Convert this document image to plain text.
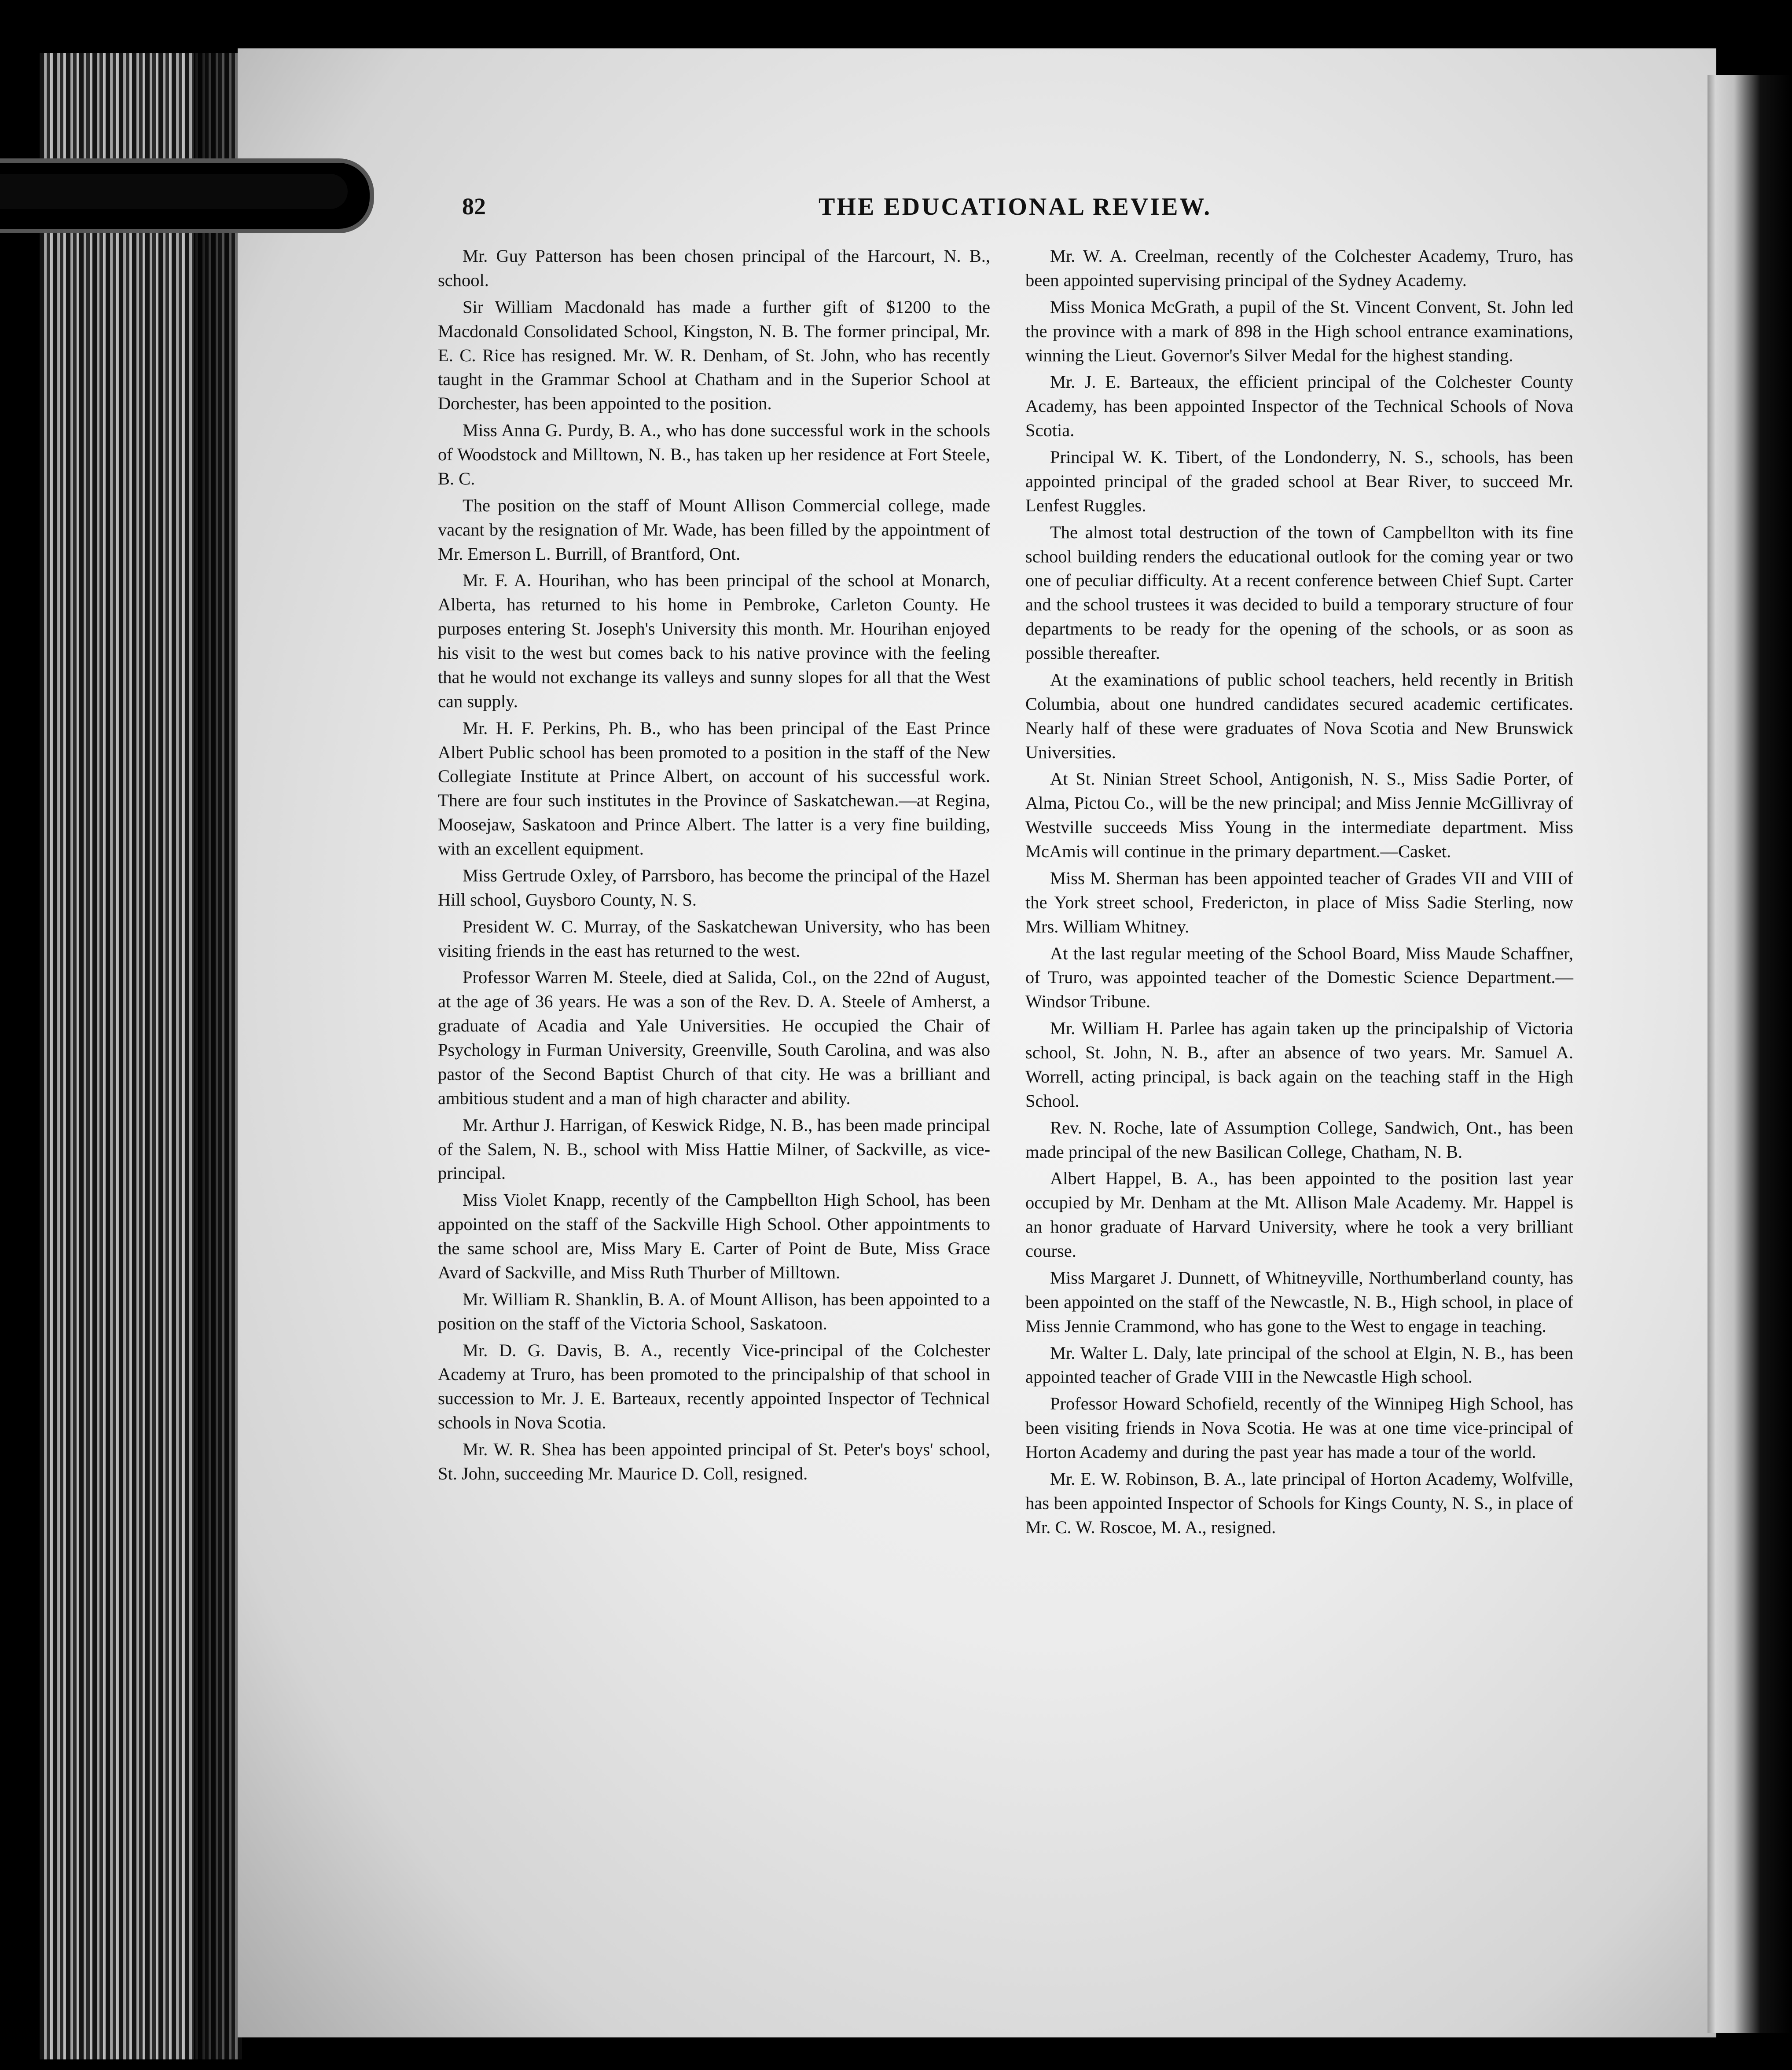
82	THE EDUCATIONAL REVIEW.

Mr. Guy Patterson has been chosen principal of the Harcourt, N. B., school.

Sir William Macdonald has made a further gift of $1200 to the Macdonald Consolidated School, Kingston, N. B. The former principal, Mr. E. C. Rice has resigned. Mr. W. R. Denham, of St. John, who has recently taught in the Grammar School at Chatham and in the Superior School at Dorchester, has been appointed to the position.

Miss Anna G. Purdy, B. A., who has done successful work in the schools of Woodstock and Milltown, N. B., has taken up her residence at Fort Steele, B. C.

The position on the staff of Mount Allison Commercial college, made vacant by the resignation of Mr. Wade, has been filled by the appointment of Mr. Emerson L. Burrill, of Brantford, Ont.

Mr. F. A. Hourihan, who has been principal of the school at Monarch, Alberta, has returned to his home in Pembroke, Carleton County. He purposes entering St. Joseph's University this month. Mr. Hourihan enjoyed his visit to the west but comes back to his native province with the feeling that he would not exchange its valleys and sunny slopes for all that the West can supply.

Mr. H. F. Perkins, Ph. B., who has been principal of the East Prince Albert Public school has been promoted to a position in the staff of the New Collegiate Institute at Prince Albert, on account of his successful work. There are four such institutes in the Province of Saskatchewan.—at Regina, Moosejaw, Saskatoon and Prince Albert. The latter is a very fine building, with an excellent equipment.

Miss Gertrude Oxley, of Parrsboro, has become the principal of the Hazel Hill school, Guysboro County, N. S.

President W. C. Murray, of the Saskatchewan University, who has been visiting friends in the east has returned to the west.

Professor Warren M. Steele, died at Salida, Col., on the 22nd of August, at the age of 36 years. He was a son of the Rev. D. A. Steele of Amherst, a graduate of Acadia and Yale Universities. He occupied the Chair of Psychology in Furman University, Greenville, South Carolina, and was also pastor of the Second Baptist Church of that city. He was a brilliant and ambitious student and a man of high character and ability.

Mr. Arthur J. Harrigan, of Keswick Ridge, N. B., has been made principal of the Salem, N. B., school with Miss Hattie Milner, of Sackville, as vice-principal.

Miss Violet Knapp, recently of the Campbellton High School, has been appointed on the staff of the Sackville High School. Other appointments to the same school are, Miss Mary E. Carter of Point de Bute, Miss Grace Avard of Sackville, and Miss Ruth Thurber of Milltown.

Mr. William R. Shanklin, B. A. of Mount Allison, has been appointed to a position on the staff of the Victoria School, Saskatoon.

Mr. D. G. Davis, B. A., recently Vice-principal of the Colchester Academy at Truro, has been promoted to the principalship of that school in succession to Mr. J. E. Barteaux, recently appointed Inspector of Technical schools in Nova Scotia.

Mr. W. R. Shea has been appointed principal of St. Peter's boys' school, St. John, succeeding Mr. Maurice D. Coll, resigned.

Mr. W. A. Creelman, recently of the Colchester Academy, Truro, has been appointed supervising principal of the Sydney Academy.

Miss Monica McGrath, a pupil of the St. Vincent Convent, St. John led the province with a mark of 898 in the High school entrance examinations, winning the Lieut. Governor's Silver Medal for the highest standing.

Mr. J. E. Barteaux, the efficient principal of the Colchester County Academy, has been appointed Inspector of the Technical Schools of Nova Scotia.

Principal W. K. Tibert, of the Londonderry, N. S., schools, has been appointed principal of the graded school at Bear River, to succeed Mr. Lenfest Ruggles.

The almost total destruction of the town of Campbellton with its fine school building renders the educational outlook for the coming year or two one of peculiar difficulty. At a recent conference between Chief Supt. Carter and the school trustees it was decided to build a temporary structure of four departments to be ready for the opening of the schools, or as soon as possible thereafter.

At the examinations of public school teachers, held recently in British Columbia, about one hundred candidates secured academic certificates. Nearly half of these were graduates of Nova Scotia and New Brunswick Universities.

At St. Ninian Street School, Antigonish, N. S., Miss Sadie Porter, of Alma, Pictou Co., will be the new principal; and Miss Jennie McGillivray of Westville succeeds Miss Young in the intermediate department. Miss McAmis will continue in the primary department.—Casket.

Miss M. Sherman has been appointed teacher of Grades VII and VIII of the York street school, Fredericton, in place of Miss Sadie Sterling, now Mrs. William Whitney.

At the last regular meeting of the School Board, Miss Maude Schaffner, of Truro, was appointed teacher of the Domestic Science Department.— Windsor Tribune.

Mr. William H. Parlee has again taken up the principalship of Victoria school, St. John, N. B., after an absence of two years. Mr. Samuel A. Worrell, acting principal, is back again on the teaching staff in the High School.

Rev. N. Roche, late of Assumption College, Sandwich, Ont., has been made principal of the new Basilican College, Chatham, N. B.

Albert Happel, B. A., has been appointed to the position last year occupied by Mr. Denham at the Mt. Allison Male Academy. Mr. Happel is an honor graduate of Harvard University, where he took a very brilliant course.

Miss Margaret J. Dunnett, of Whitneyville, Northumberland county, has been appointed on the staff of the Newcastle, N. B., High school, in place of Miss Jennie Crammond, who has gone to the West to engage in teaching.

Mr. Walter L. Daly, late principal of the school at Elgin, N. B., has been appointed teacher of Grade VIII in the Newcastle High school.

Professor Howard Schofield, recently of the Winnipeg High School, has been visiting friends in Nova Scotia. He was at one time vice-principal of Horton Academy and during the past year has made a tour of the world.

Mr. E. W. Robinson, B. A., late principal of Horton Academy, Wolfville, has been appointed Inspector of Schools for Kings County, N. S., in place of Mr. C. W. Roscoe, M. A., resigned.
